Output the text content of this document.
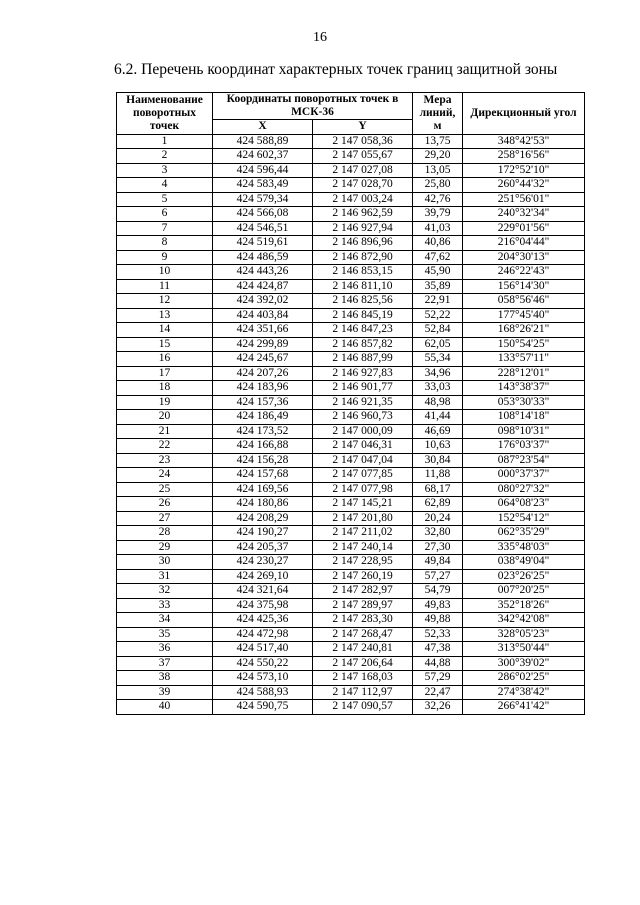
16
6.2. Перечень координат характерных точек границ защитной зоны
Наименование поворотных точек	Координаты поворотных точек в МСК-36		Мера линий, м	Дирекционный угол
	X	Y		
1	424 588,89	2 147 058,36	13,75	348°42'53"
2	424 602,37	2 147 055,67	29,20	258°16'56"
3	424 596,44	2 147 027,08	13,05	172°52'10"
4	424 583,49	2 147 028,70	25,80	260°44'32"
5	424 579,34	2 147 003,24	42,76	251°56'01"
6	424 566,08	2 146 962,59	39,79	240°32'34"
7	424 546,51	2 146 927,94	41,03	229°01'56"
8	424 519,61	2 146 896,96	40,86	216°04'44"
9	424 486,59	2 146 872,90	47,62	204°30'13"
10	424 443,26	2 146 853,15	45,90	246°22'43"
11	424 424,87	2 146 811,10	35,89	156°14'30"
12	424 392,02	2 146 825,56	22,91	058°56'46"
13	424 403,84	2 146 845,19	52,22	177°45'40"
14	424 351,66	2 146 847,23	52,84	168°26'21"
15	424 299,89	2 146 857,82	62,05	150°54'25"
16	424 245,67	2 146 887,99	55,34	133°57'11"
17	424 207,26	2 146 927,83	34,96	228°12'01"
18	424 183,96	2 146 901,77	33,03	143°38'37"
19	424 157,36	2 146 921,35	48,98	053°30'33"
20	424 186,49	2 146 960,73	41,44	108°14'18"
21	424 173,52	2 147 000,09	46,69	098°10'31"
22	424 166,88	2 147 046,31	10,63	176°03'37"
23	424 156,28	2 147 047,04	30,84	087°23'54"
24	424 157,68	2 147 077,85	11,88	000°37'37"
25	424 169,56	2 147 077,98	68,17	080°27'32"
26	424 180,86	2 147 145,21	62,89	064°08'23"
27	424 208,29	2 147 201,80	20,24	152°54'12"
28	424 190,27	2 147 211,02	32,80	062°35'29"
29	424 205,37	2 147 240,14	27,30	335°48'03"
30	424 230,27	2 147 228,95	49,84	038°49'04"
31	424 269,10	2 147 260,19	57,27	023°26'25"
32	424 321,64	2 147 282,97	54,79	007°20'25"
33	424 375,98	2 147 289,97	49,83	352°18'26"
34	424 425,36	2 147 283,30	49,88	342°42'08"
35	424 472,98	2 147 268,47	52,33	328°05'23"
36	424 517,40	2 147 240,81	47,38	313°50'44"
37	424 550,22	2 147 206,64	44,88	300°39'02"
38	424 573,10	2 147 168,03	57,29	286°02'25"
39	424 588,93	2 147 112,97	22,47	274°38'42"
40	424 590,75	2 147 090,57	32,26	266°41'42"
